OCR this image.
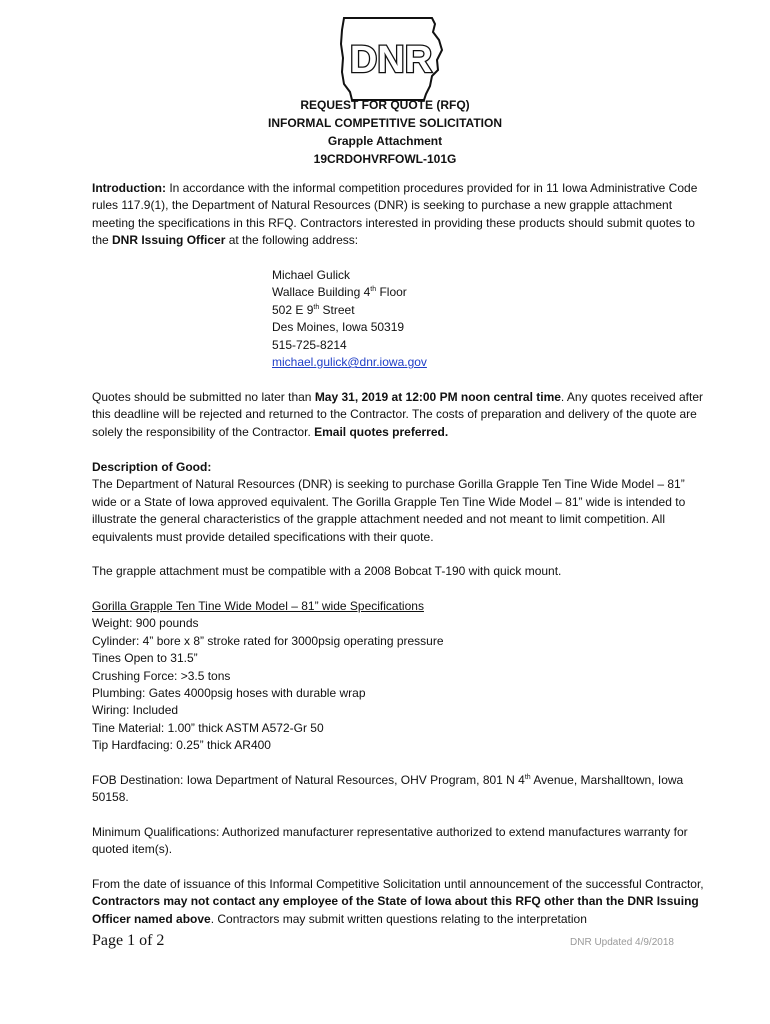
DNR
REQUEST FOR QUOTE (RFQ)
INFORMAL COMPETITIVE SOLICITATION
Grapple Attachment
19CRDOHVRFOWL-101G

Introduction: In accordance with the informal competition procedures provided for in 11 Iowa Administrative Code rules 117.9(1), the Department of Natural Resources (DNR) is seeking to purchase a new grapple attachment meeting the specifications in this RFQ. Contractors interested in providing these products should submit quotes to the DNR Issuing Officer at the following address:

Michael Gulick
Wallace Building 4th Floor
502 E 9th Street
Des Moines, Iowa 50319
515-725-8214
michael.gulick@dnr.iowa.gov

Quotes should be submitted no later than May 31, 2019 at 12:00 PM noon central time. Any quotes received after this deadline will be rejected and returned to the Contractor. The costs of preparation and delivery of the quote are solely the responsibility of the Contractor. Email quotes preferred.

Description of Good:

The Department of Natural Resources (DNR) is seeking to purchase Gorilla Grapple Ten Tine Wide Model – 81” wide or a State of Iowa approved equivalent. The Gorilla Grapple Ten Tine Wide Model – 81” wide is intended to illustrate the general characteristics of the grapple attachment needed and not meant to limit competition. All equivalents must provide detailed specifications with their quote.

The grapple attachment must be compatible with a 2008 Bobcat T-190 with quick mount.

Gorilla Grapple Ten Tine Wide Model – 81” wide Specifications

Weight: 900 pounds

Cylinder: 4” bore x 8” stroke rated for 3000psig operating pressure

Tines Open to 31.5”

Crushing Force: >3.5 tons

Plumbing: Gates 4000psig hoses with durable wrap

Wiring: Included

Tine Material: 1.00” thick ASTM A572-Gr 50

Tip Hardfacing: 0.25” thick AR400

FOB Destination: Iowa Department of Natural Resources, OHV Program, 801 N 4th Avenue, Marshalltown, Iowa 50158.

Minimum Qualifications: Authorized manufacturer representative authorized to extend manufactures warranty for quoted item(s).

From the date of issuance of this Informal Competitive Solicitation until announcement of the successful Contractor, Contractors may not contact any employee of the State of Iowa about this RFQ other than the DNR Issuing Officer named above. Contractors may submit written questions relating to the interpretation

Page 1 of 2	DNR Updated 4/9/2018
